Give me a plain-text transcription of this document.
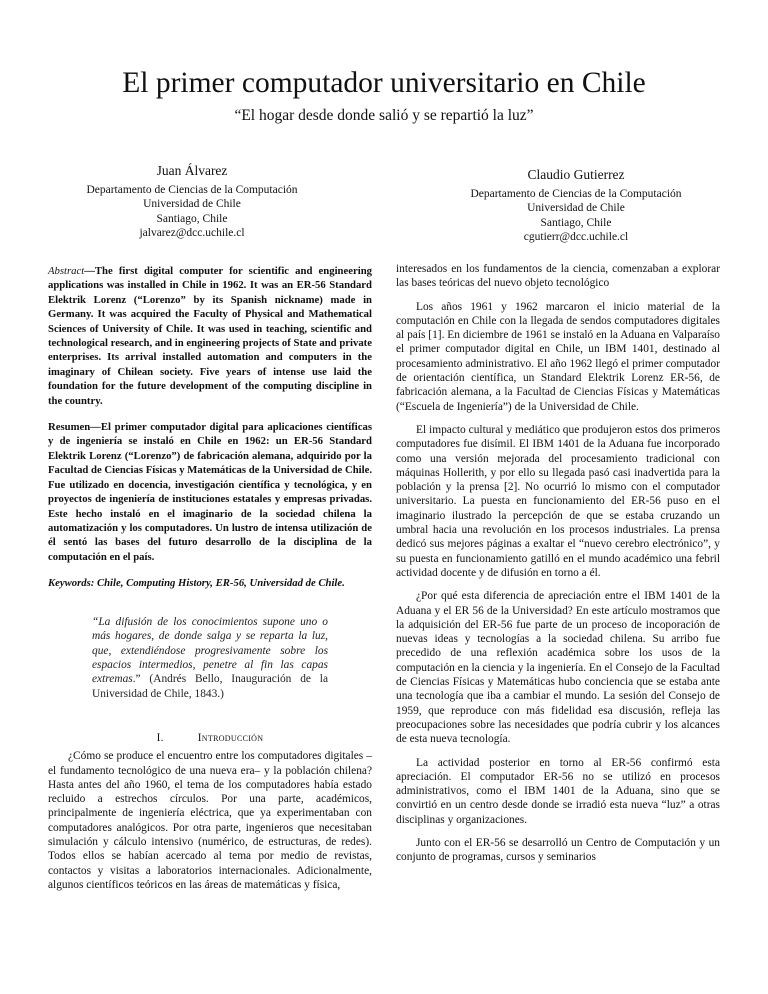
El primer computador universitario en Chile
“El hogar desde donde salió y se repartió la luz”
Juan Álvarez
Departamento de Ciencias de la Computación
Universidad de Chile
Santiago, Chile
jalvarez@dcc.uchile.cl
Claudio Gutierrez
Departamento de Ciencias de la Computación
Universidad de Chile
Santiago, Chile
cgutierr@dcc.uchile.cl

Abstract—The first digital computer for scientific and engineering applications was installed in Chile in 1962. It was an ER-56 Standard Elektrik Lorenz (“Lorenzo” by its Spanish nickname) made in Germany. It was acquired the Faculty of Physical and Mathematical Sciences of University of Chile. It was used in teaching, scientific and technological research, and in engineering projects of State and private enterprises. Its arrival installed automation and computers in the imaginary of Chilean society. Five years of intense use laid the foundation for the future development of the computing discipline in the country.

Resumen—El primer computador digital para aplicaciones científicas y de ingeniería se instaló en Chile en 1962: un ER-56 Standard Elektrik Lorenz (“Lorenzo”) de fabricación alemana, adquirido por la Facultad de Ciencias Físicas y Matemáticas de la Universidad de Chile. Fue utilizado en docencia, investigación científica y tecnológica, y en proyectos de ingeniería de instituciones estatales y empresas privadas. Este hecho instaló en el imaginario de la sociedad chilena la automatización y los computadores. Un lustro de intensa utilización de él sentó las bases del futuro desarrollo de la disciplina de la computación en el país.

Keywords: Chile, Computing History, ER-56, Universidad de Chile.

“La difusión de los conocimientos supone uno o más hogares, de donde salga y se reparta la luz, que, extendiéndose progresivamente sobre los espacios intermedios, penetre al fin las capas extremas.” (Andrés Bello, Inauguración de la Universidad de Chile, 1843.)
I.	Introducción

¿Cómo se produce el encuentro entre los computadores digitales –el fundamento tecnológico de una nueva era– y la población chilena? Hasta antes del año 1960, el tema de los computadores había estado recluido a estrechos círculos. Por una parte, académicos, principalmente de ingeniería eléctrica, que ya experimentaban con computadores analógicos. Por otra parte, ingenieros que necesitaban simulación y cálculo intensivo (numérico, de estructuras, de redes). Todos ellos se habían acercado al tema por medio de revistas, contactos y visitas a laboratorios internacionales. Adicionalmente, algunos científicos teóricos en las áreas de matemáticas y física,

interesados en los fundamentos de la ciencia, comenzaban a explorar las bases teóricas del nuevo objeto tecnológico

Los años 1961 y 1962 marcaron el inicio material de la computación en Chile con la llegada de sendos computadores digitales al país [1]. En diciembre de 1961 se instaló en la Aduana en Valparaíso el primer computador digital en Chile, un IBM 1401, destinado al procesamiento administrativo. El año 1962 llegó el primer computador de orientación científica, un Standard Elektrik Lorenz ER-56, de fabricación alemana, a la Facultad de Ciencias Físicas y Matemáticas (“Escuela de Ingeniería”) de la Universidad de Chile.

El impacto cultural y mediático que produjeron estos dos primeros computadores fue disímil. El IBM 1401 de la Aduana fue incorporado como una versión mejorada del procesamiento tradicional con máquinas Hollerith, y por ello su llegada pasó casi inadvertida para la población y la prensa [2]. No ocurrió lo mismo con el computador universitario. La puesta en funcionamiento del ER-56 puso en el imaginario ilustrado la percepción de que se estaba cruzando un umbral hacia una revolución en los procesos industriales. La prensa dedicó sus mejores páginas a exaltar el “nuevo cerebro electrónico”, y su puesta en funcionamiento gatilló en el mundo académico una febril actividad docente y de difusión en torno a él.

¿Por qué esta diferencia de apreciación entre el IBM 1401 de la Aduana y el ER 56 de la Universidad? En este artículo mostramos que la adquisición del ER-56 fue parte de un proceso de incoporación de nuevas ideas y tecnologías a la sociedad chilena. Su arribo fue precedido de una reflexión académica sobre los usos de la computación en la ciencia y la ingeniería. En el Consejo de la Facultad de Ciencias Físicas y Matemáticas hubo conciencia que se estaba ante una tecnología que iba a cambiar el mundo. La sesión del Consejo de 1959, que reproduce con más fidelidad esa discusión, refleja las preocupaciones sobre las necesidades que podría cubrir y los alcances de esta nueva tecnología.

La actividad posterior en torno al ER-56 confirmó esta apreciación. El computador ER-56 no se utilizó en procesos administrativos, como el IBM 1401 de la Aduana, sino que se convirtió en un centro desde donde se irradió esta nueva “luz” a otras disciplinas y organizaciones.

Junto con el ER-56 se desarrolló un Centro de Computación y un conjunto de programas, cursos y seminarios
